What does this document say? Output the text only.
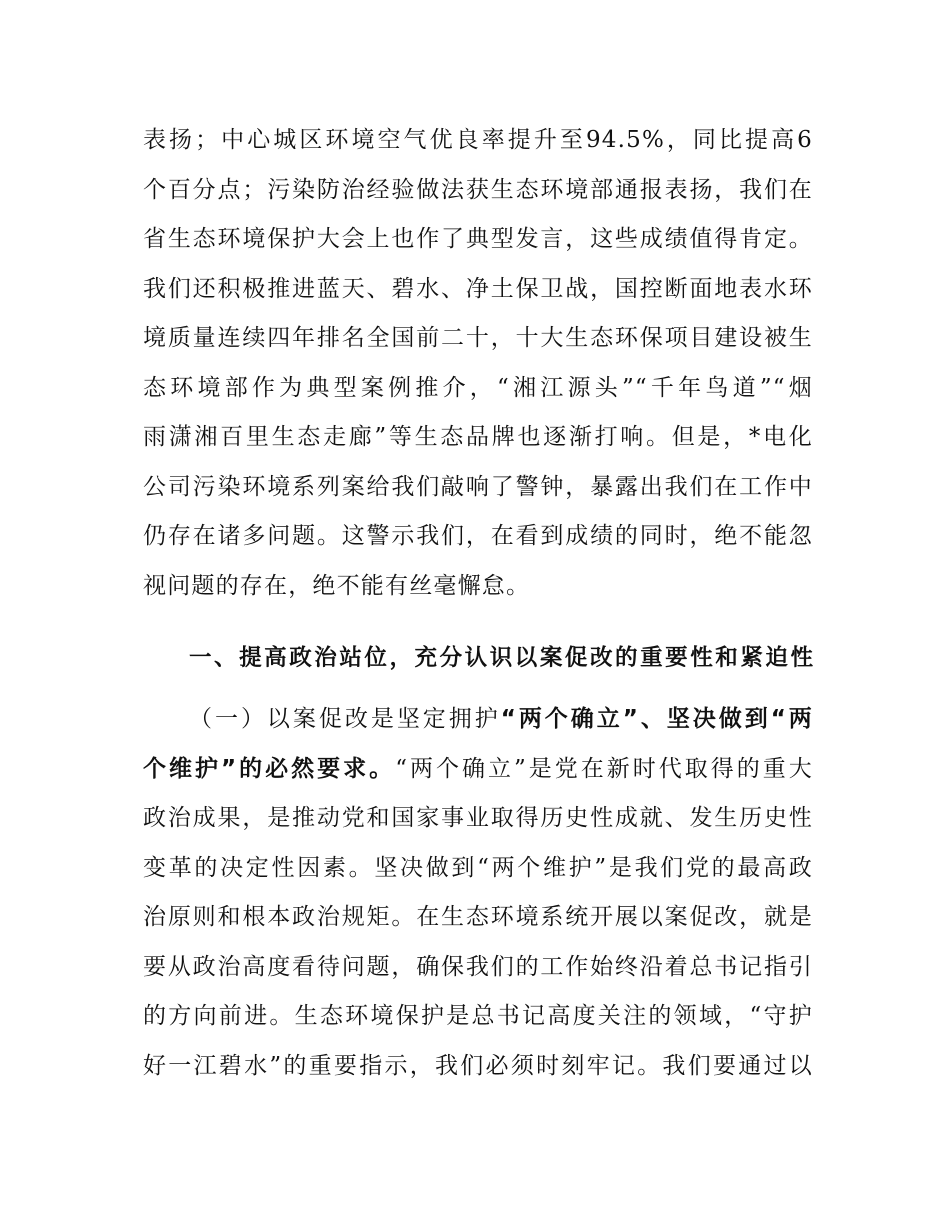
表扬；中心城区环境空气优良率提升至94.5%，同比提高6
个百分点；污染防治经验做法获生态环境部通报表扬，我们在
省生态环境保护大会上也作了典型发言，这些成绩值得肯定。
我们还积极推进蓝天、碧水、净土保卫战，国控断面地表水环
境质量连续四年排名全国前二十，十大生态环保项目建设被生
态环境部作为典型案例推介，“湘江源头”“千年鸟道”“烟
雨潇湘百里生态走廊”等生态品牌也逐渐打响。但是，*电化
公司污染环境系列案给我们敲响了警钟，暴露出我们在工作中
仍存在诸多问题。这警示我们，在看到成绩的同时，绝不能忽
视问题的存在，绝不能有丝毫懈怠。
一、提高政治站位，充分认识以案促改的重要性和紧迫性
（一）以案促改是坚定拥护“两个确立”、坚决做到“两
个维护”的必然要求。“两个确立”是党在新时代取得的重大
政治成果，是推动党和国家事业取得历史性成就、发生历史性
变革的决定性因素。坚决做到“两个维护”是我们党的最高政
治原则和根本政治规矩。在生态环境系统开展以案促改，就是
要从政治高度看待问题，确保我们的工作始终沿着总书记指引
的方向前进。生态环境保护是总书记高度关注的领域，“守护
好一江碧水”的重要指示，我们必须时刻牢记。我们要通过以
